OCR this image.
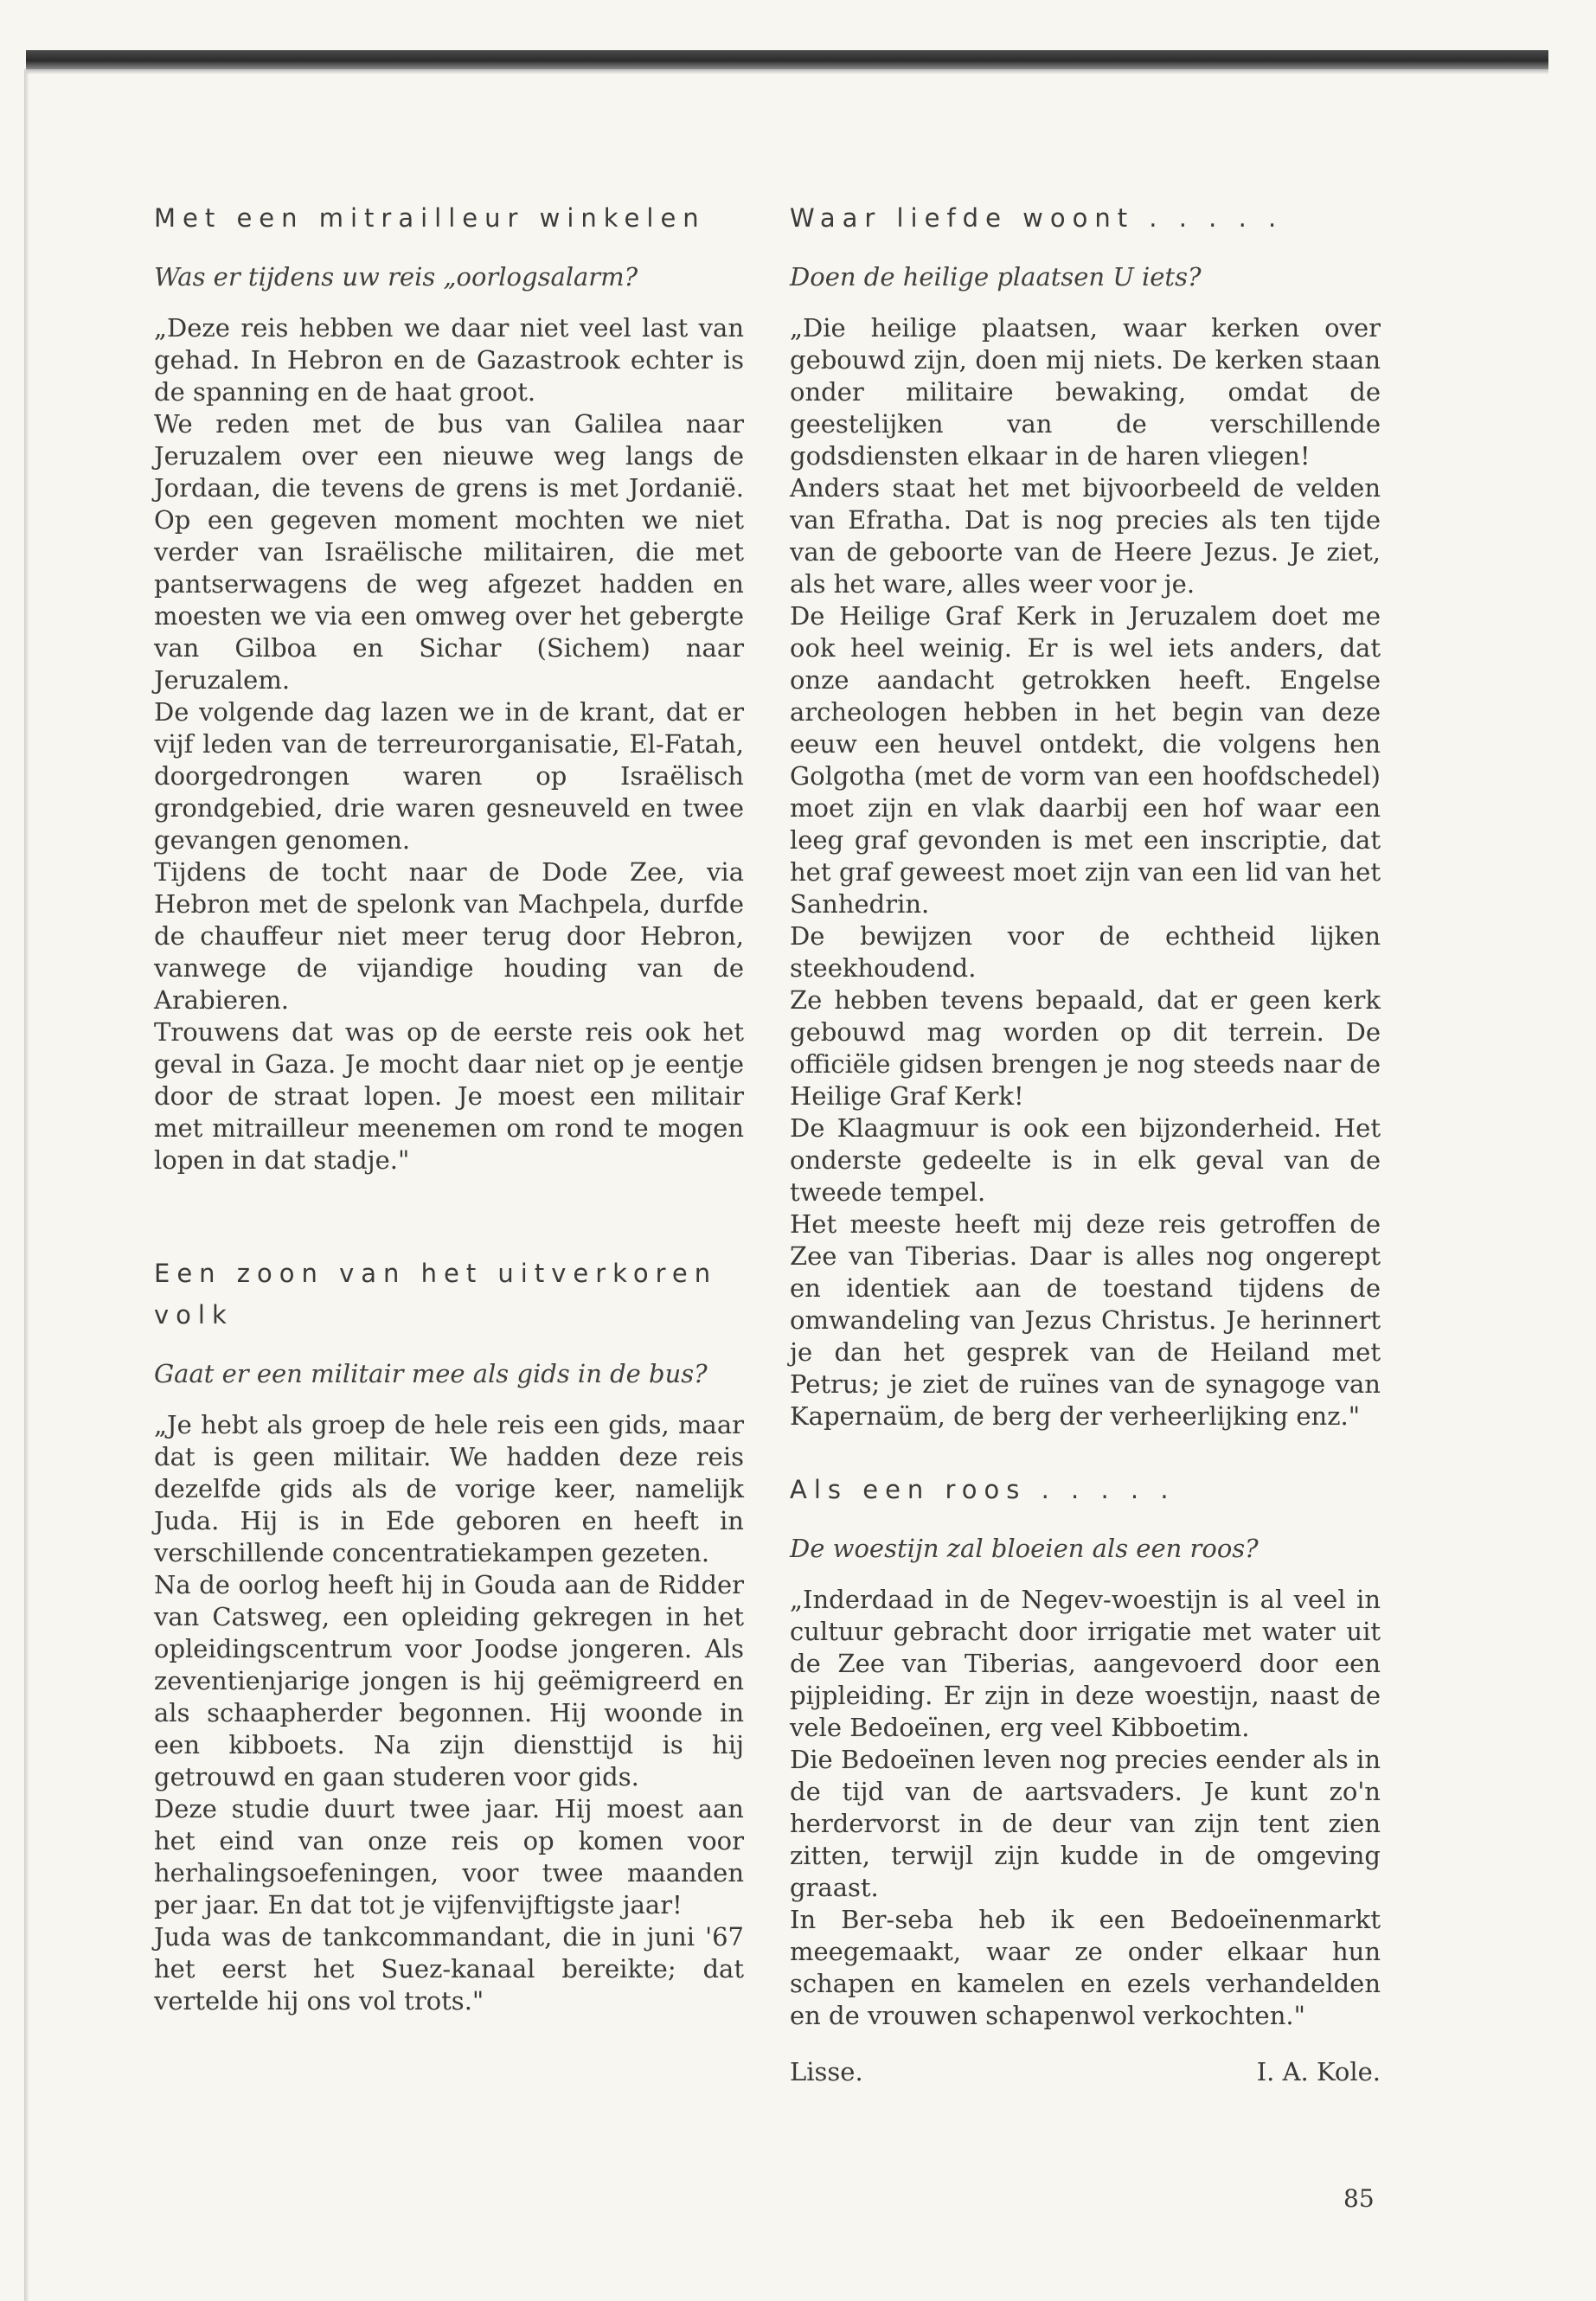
Met een mitrailleur winkelen

Was er tijdens uw reis „oorlogsalarm?

„Deze reis hebben we daar niet veel last van gehad. In Hebron en de Gazastrook echter is de spanning en de haat groot.

We reden met de bus van Galilea naar Jeruzalem over een nieuwe weg langs de Jordaan, die tevens de grens is met Jordanië. Op een gegeven moment mochten we niet verder van Israëlische militairen, die met pantserwagens de weg afgezet hadden en moesten we via een omweg over het gebergte van Gilboa en Sichar (Sichem) naar Jeruzalem.

De volgende dag lazen we in de krant, dat er vijf leden van de terreurorganisatie, El-Fatah, doorgedrongen waren op Israëlisch grondgebied, drie waren gesneuveld en twee gevangen genomen.

Tijdens de tocht naar de Dode Zee, via Hebron met de spelonk van Machpela, durfde de chauffeur niet meer terug door Hebron, vanwege de vijandige houding van de Arabieren.

Trouwens dat was op de eerste reis ook het geval in Gaza. Je mocht daar niet op je eentje door de straat lopen. Je moest een militair met mitrailleur meenemen om rond te mogen lopen in dat stadje."

Een zoon van het uitverkoren volk

Gaat er een militair mee als gids in de bus?

„Je hebt als groep de hele reis een gids, maar dat is geen militair. We hadden deze reis dezelfde gids als de vorige keer, namelijk Juda. Hij is in Ede geboren en heeft in verschillende concentratiekampen gezeten.

Na de oorlog heeft hij in Gouda aan de Ridder van Catsweg, een opleiding gekregen in het opleidingscentrum voor Joodse jongeren. Als zeventienjarige jongen is hij geëmigreerd en als schaapherder begonnen. Hij woonde in een kibboets. Na zijn diensttijd is hij getrouwd en gaan studeren voor gids.

Deze studie duurt twee jaar. Hij moest aan het eind van onze reis op komen voor herhalingsoefeningen, voor twee maanden per jaar. En dat tot je vijfenvijftigste jaar!

Juda was de tankcommandant, die in juni '67 het eerst het Suez-kanaal bereikte; dat vertelde hij ons vol trots."

Waar liefde woont . . . . .

Doen de heilige plaatsen U iets?

„Die heilige plaatsen, waar kerken over gebouwd zijn, doen mij niets. De kerken staan onder militaire bewaking, omdat de geestelijken van de verschillende godsdiensten elkaar in de haren vliegen!

Anders staat het met bijvoorbeeld de velden van Efratha. Dat is nog precies als ten tijde van de geboorte van de Heere Jezus. Je ziet, als het ware, alles weer voor je.

De Heilige Graf Kerk in Jeruzalem doet me ook heel weinig. Er is wel iets anders, dat onze aandacht getrokken heeft. Engelse archeologen hebben in het begin van deze eeuw een heuvel ontdekt, die volgens hen Golgotha (met de vorm van een hoofdschedel) moet zijn en vlak daarbij een hof waar een leeg graf gevonden is met een inscriptie, dat het graf geweest moet zijn van een lid van het Sanhedrin.

De bewijzen voor de echtheid lijken steekhoudend.

Ze hebben tevens bepaald, dat er geen kerk gebouwd mag worden op dit terrein. De officiële gidsen brengen je nog steeds naar de Heilige Graf Kerk!

De Klaagmuur is ook een bijzonderheid. Het onderste gedeelte is in elk geval van de tweede tempel.

Het meeste heeft mij deze reis getroffen de Zee van Tiberias. Daar is alles nog ongerept en identiek aan de toestand tijdens de omwandeling van Jezus Christus. Je herinnert je dan het gesprek van de Heiland met Petrus; je ziet de ruïnes van de synagoge van Kapernaüm, de berg der verheerlijking enz."

Als een roos . . . . .

De woestijn zal bloeien als een roos?

„Inderdaad in de Negev-woestijn is al veel in cultuur gebracht door irrigatie met water uit de Zee van Tiberias, aangevoerd door een pijpleiding. Er zijn in deze woestijn, naast de vele Bedoeïnen, erg veel Kibboetim.

Die Bedoeïnen leven nog precies eender als in de tijd van de aartsvaders. Je kunt zo'n herdervorst in de deur van zijn tent zien zitten, terwijl zijn kudde in de omgeving graast.

In Ber-seba heb ik een Bedoeïnenmarkt meegemaakt, waar ze onder elkaar hun schapen en kamelen en ezels verhandelden en de vrouwen schapenwol verkochten."

Lisse.	I. A. Kole.
85
